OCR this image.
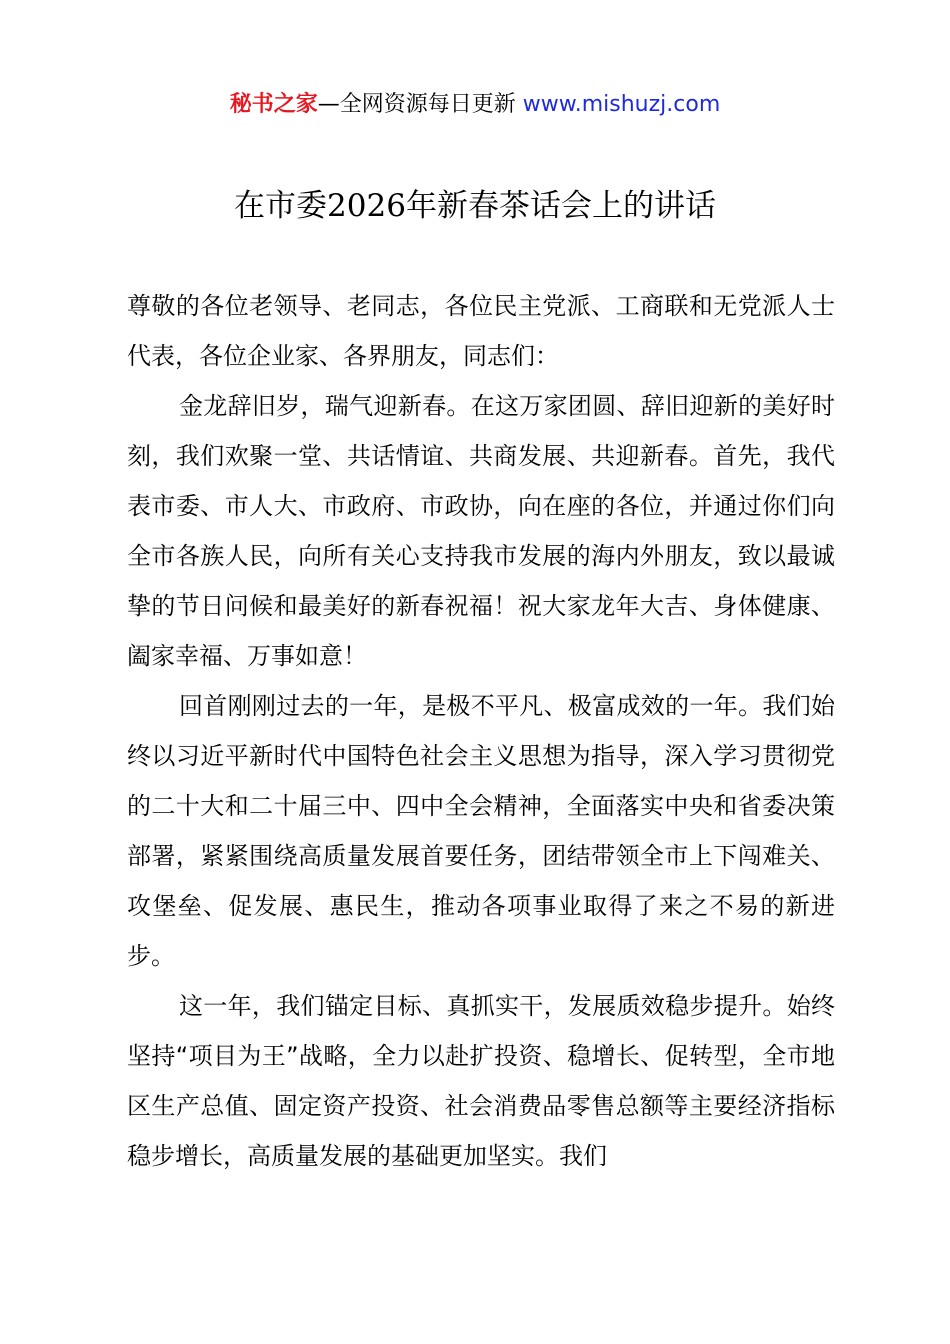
秘书之家—全网资源每日更新 www.mishuzj.com
在市委2026年新春茶话会上的讲话

尊敬的各位老领导、老同志，各位民主党派、工商联和无党派人士代表，各位企业家、各界朋友，同志们：

金龙辞旧岁，瑞气迎新春。在这万家团圆、辞旧迎新的美好时刻，我们欢聚一堂、共话情谊、共商发展、共迎新春。首先，我代表市委、市人大、市政府、市政协，向在座的各位，并通过你们向全市各族人民，向所有关心支持我市发展的海内外朋友，致以最诚挚的节日问候和最美好的新春祝福！祝大家龙年大吉、身体健康、阖家幸福、万事如意！

回首刚刚过去的一年，是极不平凡、极富成效的一年。我们始终以习近平新时代中国特色社会主义思想为指导，深入学习贯彻党的二十大和二十届三中、四中全会精神，全面落实中央和省委决策部署，紧紧围绕高质量发展首要任务，团结带领全市上下闯难关、攻堡垒、促发展、惠民生，推动各项事业取得了来之不易的新进步。

这一年，我们锚定目标、真抓实干，发展质效稳步提升。始终坚持“项目为王”战略，全力以赴扩投资、稳增长、促转型，全市地区生产总值、固定资产投资、社会消费品零售总额等主要经济指标稳步增长，高质量发展的基础更加坚实。我们
